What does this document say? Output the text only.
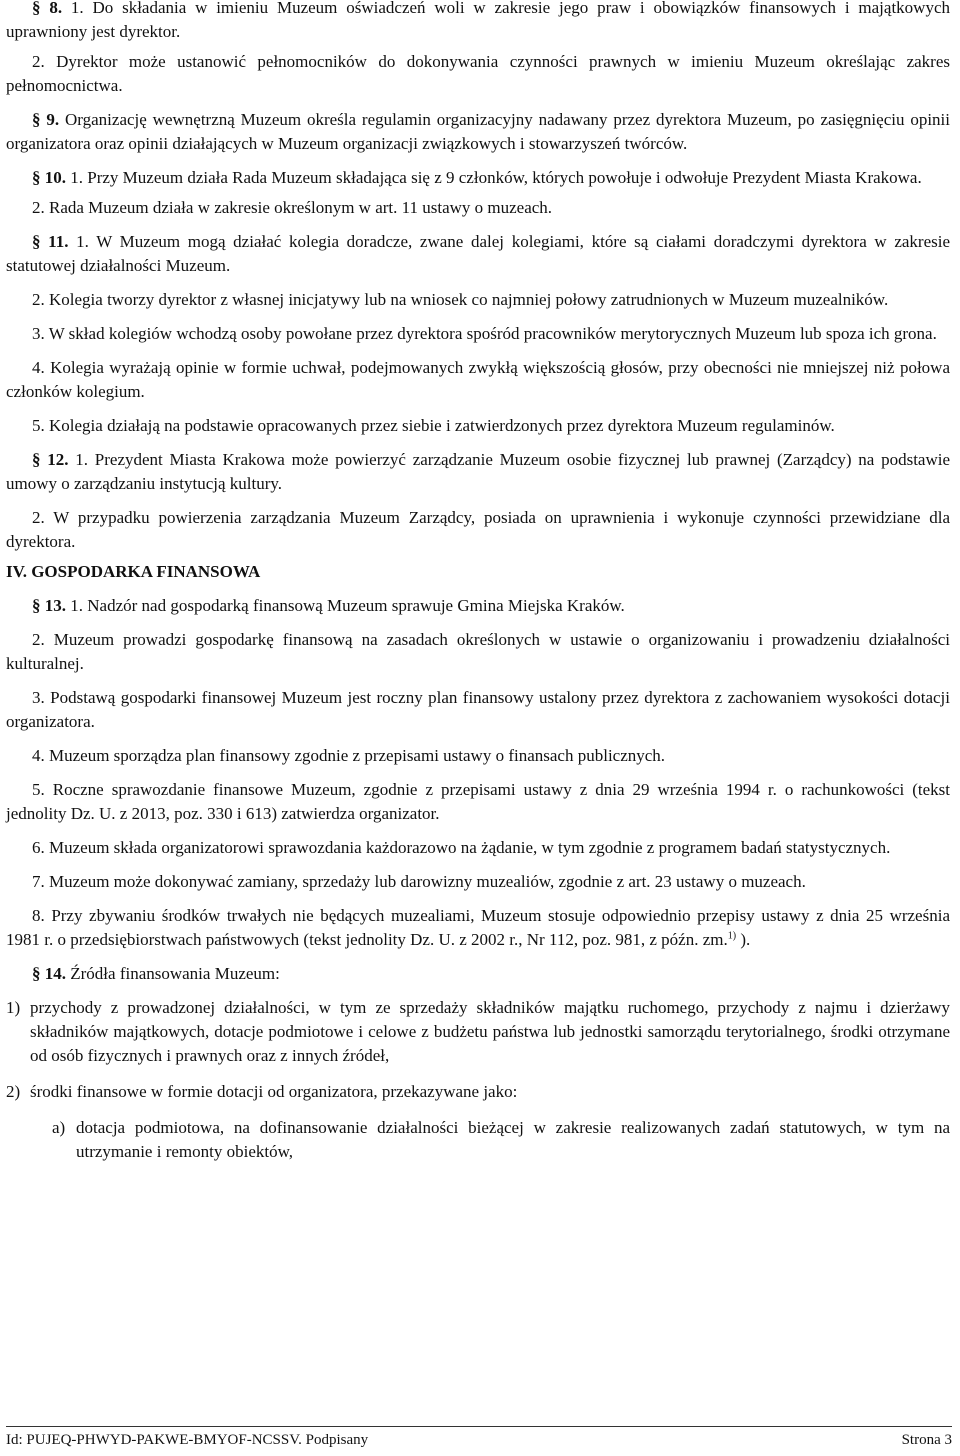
§ 8. 1. Do składania w imieniu Muzeum oświadczeń woli w zakresie jego praw i obowiązków finansowych i majątkowych uprawniony jest dyrektor.

2. Dyrektor może ustanowić pełnomocników do dokonywania czynności prawnych w imieniu Muzeum określając zakres pełnomocnictwa.

§ 9. Organizację wewnętrzną Muzeum określa regulamin organizacyjny nadawany przez dyrektora Muzeum, po zasięgnięciu opinii organizatora oraz opinii działających w Muzeum organizacji związkowych i stowarzyszeń twórców.

§ 10. 1. Przy Muzeum działa Rada Muzeum składająca się z 9 członków, których powołuje i odwołuje Prezydent Miasta Krakowa.

2. Rada Muzeum działa w zakresie określonym w art. 11 ustawy o muzeach.

§ 11. 1. W Muzeum mogą działać kolegia doradcze, zwane dalej kolegiami, które są ciałami doradczymi dyrektora w zakresie statutowej działalności Muzeum.

2. Kolegia tworzy dyrektor z własnej inicjatywy lub na wniosek co najmniej połowy zatrudnionych w Muzeum muzealników.

3. W skład kolegiów wchodzą osoby powołane przez dyrektora spośród pracowników merytorycznych Muzeum lub spoza ich grona.

4. Kolegia wyrażają opinie w formie uchwał, podejmowanych zwykłą większością głosów, przy obecności nie mniejszej niż połowa członków kolegium.

5. Kolegia działają na podstawie opracowanych przez siebie i zatwierdzonych przez dyrektora Muzeum regulaminów.

§ 12. 1. Prezydent Miasta Krakowa może powierzyć zarządzanie Muzeum osobie fizycznej lub prawnej (Zarządcy) na podstawie umowy o zarządzaniu instytucją kultury.

2. W przypadku powierzenia zarządzania Muzeum Zarządcy, posiada on uprawnienia i wykonuje czynności przewidziane dla dyrektora.

IV. GOSPODARKA FINANSOWA

§ 13. 1. Nadzór nad gospodarką finansową Muzeum sprawuje Gmina Miejska Kraków.

2. Muzeum prowadzi gospodarkę finansową na zasadach określonych w ustawie o organizowaniu i prowadzeniu działalności kulturalnej.

3. Podstawą gospodarki finansowej Muzeum jest roczny plan finansowy ustalony przez dyrektora z zachowaniem wysokości dotacji organizatora.

4. Muzeum sporządza plan finansowy zgodnie z przepisami ustawy o finansach publicznych.

5. Roczne sprawozdanie finansowe Muzeum, zgodnie z przepisami ustawy z dnia 29 września 1994 r. o rachunkowości (tekst jednolity Dz. U. z 2013, poz. 330 i 613) zatwierdza organizator.

6. Muzeum składa organizatorowi sprawozdania każdorazowo na żądanie, w tym zgodnie z programem badań statystycznych.

7. Muzeum może dokonywać zamiany, sprzedaży lub darowizny muzealiów, zgodnie z art. 23 ustawy o muzeach.

8. Przy zbywaniu środków trwałych nie będących muzealiami, Muzeum stosuje odpowiednio przepisy ustawy z dnia 25 września 1981 r. o przedsiębiorstwach państwowych (tekst jednolity Dz. U. z 2002 r., Nr 112, poz. 981, z późn. zm.$^{1)}$ ).

§ 14. Źródła finansowania Muzeum:

1) przychody z prowadzonej działalności, w tym ze sprzedaży składników majątku ruchomego, przychody z najmu i dzierżawy składników majątkowych, dotacje podmiotowe i celowe z budżetu państwa lub jednostki samorządu terytorialnego, środki otrzymane od osób fizycznych i prawnych oraz z innych źródeł,
2) środki finansowe w formie dotacji od organizatora, przekazywane jako:
a) dotacja podmiotowa, na dofinansowanie działalności bieżącej w zakresie realizowanych zadań statutowych, w tym na utrzymanie i remonty obiektów,
Id: PUJEQ-PHWYD-PAKWE-BMYOF-NCSSV. Podpisany	Strona 3
